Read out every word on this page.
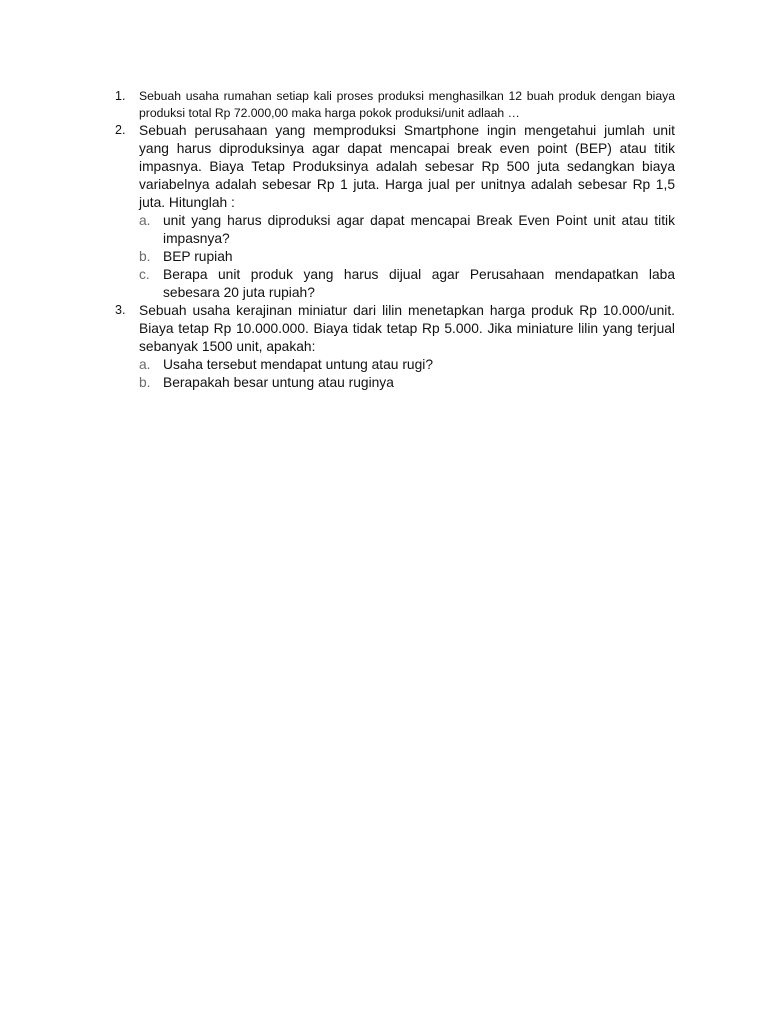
1. Sebuah usaha rumahan setiap kali proses produksi menghasilkan 12 buah produk dengan biaya produksi total Rp 72.000,00 maka harga pokok produksi/unit adlaah …
2. Sebuah perusahaan yang memproduksi Smartphone ingin mengetahui jumlah unit yang harus diproduksinya agar dapat mencapai break even point (BEP) atau titik impasnya. Biaya Tetap Produksinya adalah sebesar Rp 500 juta sedangkan biaya variabelnya adalah sebesar Rp 1 juta. Harga jual per unitnya adalah sebesar Rp 1,5 juta. Hitunglah :
a. unit yang harus diproduksi agar dapat mencapai Break Even Point unit atau titik impasnya?
b. BEP rupiah
c. Berapa unit produk yang harus dijual agar Perusahaan mendapatkan laba sebesara 20 juta rupiah?
3. Sebuah usaha kerajinan miniatur dari lilin menetapkan harga produk Rp 10.000/unit. Biaya tetap Rp 10.000.000. Biaya tidak tetap Rp 5.000. Jika miniature lilin yang terjual sebanyak 1500 unit, apakah:
a. Usaha tersebut mendapat untung atau rugi?
b. Berapakah besar untung atau ruginya
